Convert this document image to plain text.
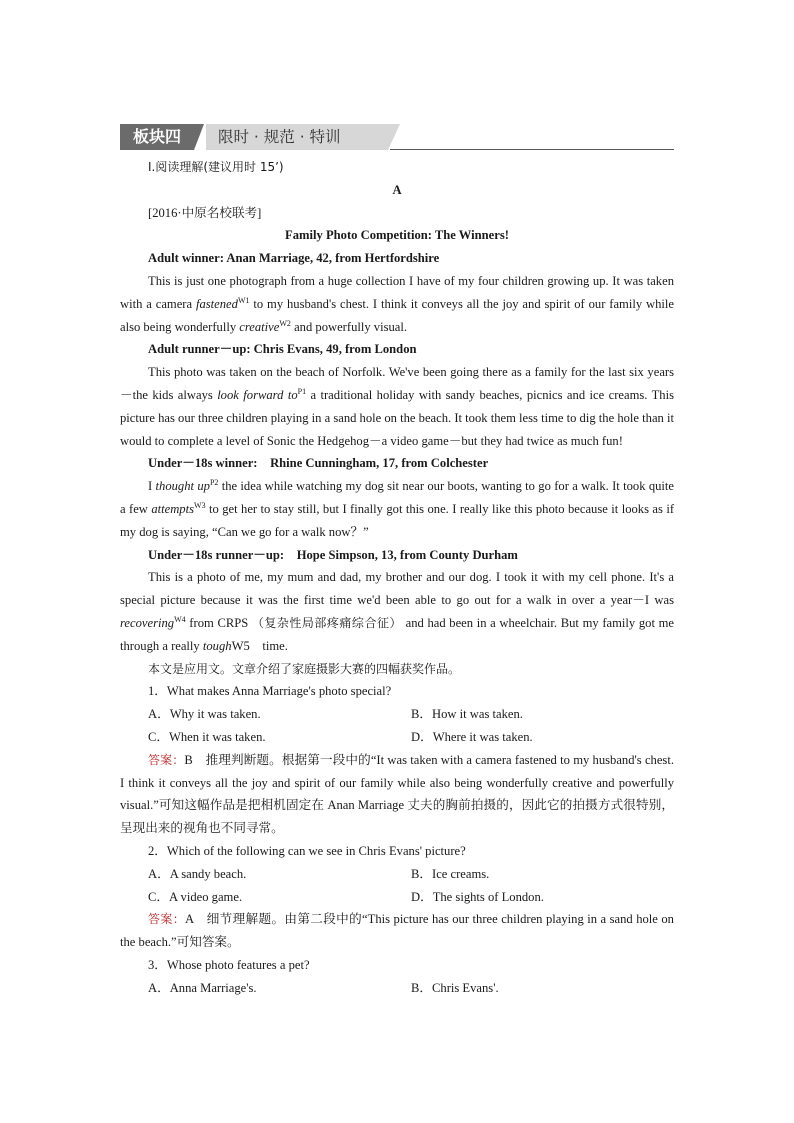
板块四	限时 · 规范 · 特训

Ⅰ.阅读理解(建议用时 15’)

A

[2016·中原名校联考]

Family Photo Competition: The Winners!

Adult winner: Anan Marriage, 42, from Hertfordshire

This is just one photograph from a huge collection I have of my four children growing up. It was taken with a camera fastened$^{W1}$ to my husband's chest. I think it conveys all the joy and spirit of our family while also being wonderfully creative$^{W2}$ and powerfully visual.

Adult runner－up: Chris Evans, 49, from London

This photo was taken on the beach of Norfolk. We've been going there as a family for the last six years－the kids always look forward $to^{P1}$ a traditional holiday with sandy beaches, picnics and ice creams. This picture has our three children playing in a sand hole on the beach. It took them less time to dig the hole than it would to complete a level of Sonic the Hedgehog－a video game－but they had twice as much fun!

Under－18s winner:　Rhine Cunningham, 17, from Colchester

I thought $up^{P2}$ the idea while watching my dog sit near our boots, wanting to go for a walk. It took quite a few attempts$^{W3}$ to get her to stay still, but I finally got this one. I really like this photo because it looks as if my dog is saying, “Can we go for a walk now？”

Under－18s runner－up:　Hope Simpson, 13, from County Durham

This is a photo of me, my mum and dad, my brother and our dog. I took it with my cell phone. It's a special picture because it was the first time we'd been able to go out for a walk in over a year－I was recovering$^{W4}$ from CRPS （复杂性局部疼痛综合征） and had been in a wheelchair. But my family got me through a really toughW5　time.

本文是应用文。文章介绍了家庭摄影大赛的四幅获奖作品。

1．What makes Anna Marriage's photo special?

A．Why it was taken.	B．How it was taken.
C．When it was taken.	D．Where it was taken.

答案：B　推理判断题。根据第一段中的“It was taken with a camera fastened to my husband's chest. I think it conveys all the joy and spirit of our family while also being wonderfully creative and powerfully visual.”可知这幅作品是把相机固定在 Anan Marriage 丈夫的胸前拍摄的，因此它的拍摄方式很特别，呈现出来的视角也不同寻常。

2．Which of the following can we see in Chris Evans' picture?

A．A sandy beach.	B．Ice creams.
C．A video game.	D．The sights of London.

答案：A　细节理解题。由第二段中的“This picture has our three children playing in a sand hole on the beach.”可知答案。

3．Whose photo features a pet?

A．Anna Marriage's.	B．Chris Evans'.
